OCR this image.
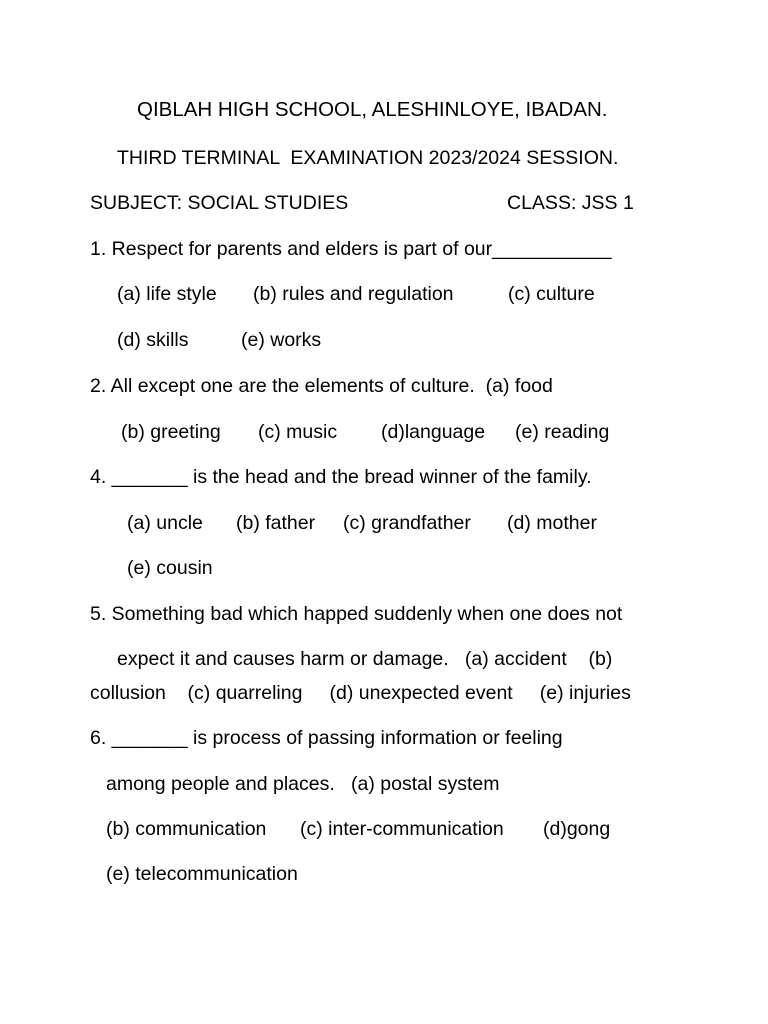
QIBLAH HIGH SCHOOL, ALESHINLOYE, IBADAN.
THIRD TERMINAL  EXAMINATION 2023/2024 SESSION.
SUBJECT: SOCIAL STUDIES	CLASS: JSS 1
1. Respect for parents and elders is part of our___________

(a) life style

(b) rules and regulation

	(c) culture

(d) skills

	(e) works

2. All except one are the elements of culture.  (a) food

(b) greeting

(c) music

(d)language

(e) reading

4. _______ is the head and the bread winner of the family.

(a) uncle

(b) father

(c) grandfather

(d) mother

(e) cousin

5. Something bad which happed suddenly when one does not
expect it and causes harm or damage.   (a) accident    (b)
collusion    (c) quarreling     (d) unexpected event     (e) injuries
6. _______ is process of passing information or feeling
among people and places.   (a) postal system

(b) communication

(c) inter-communication

(d)gong

(e) telecommunication
